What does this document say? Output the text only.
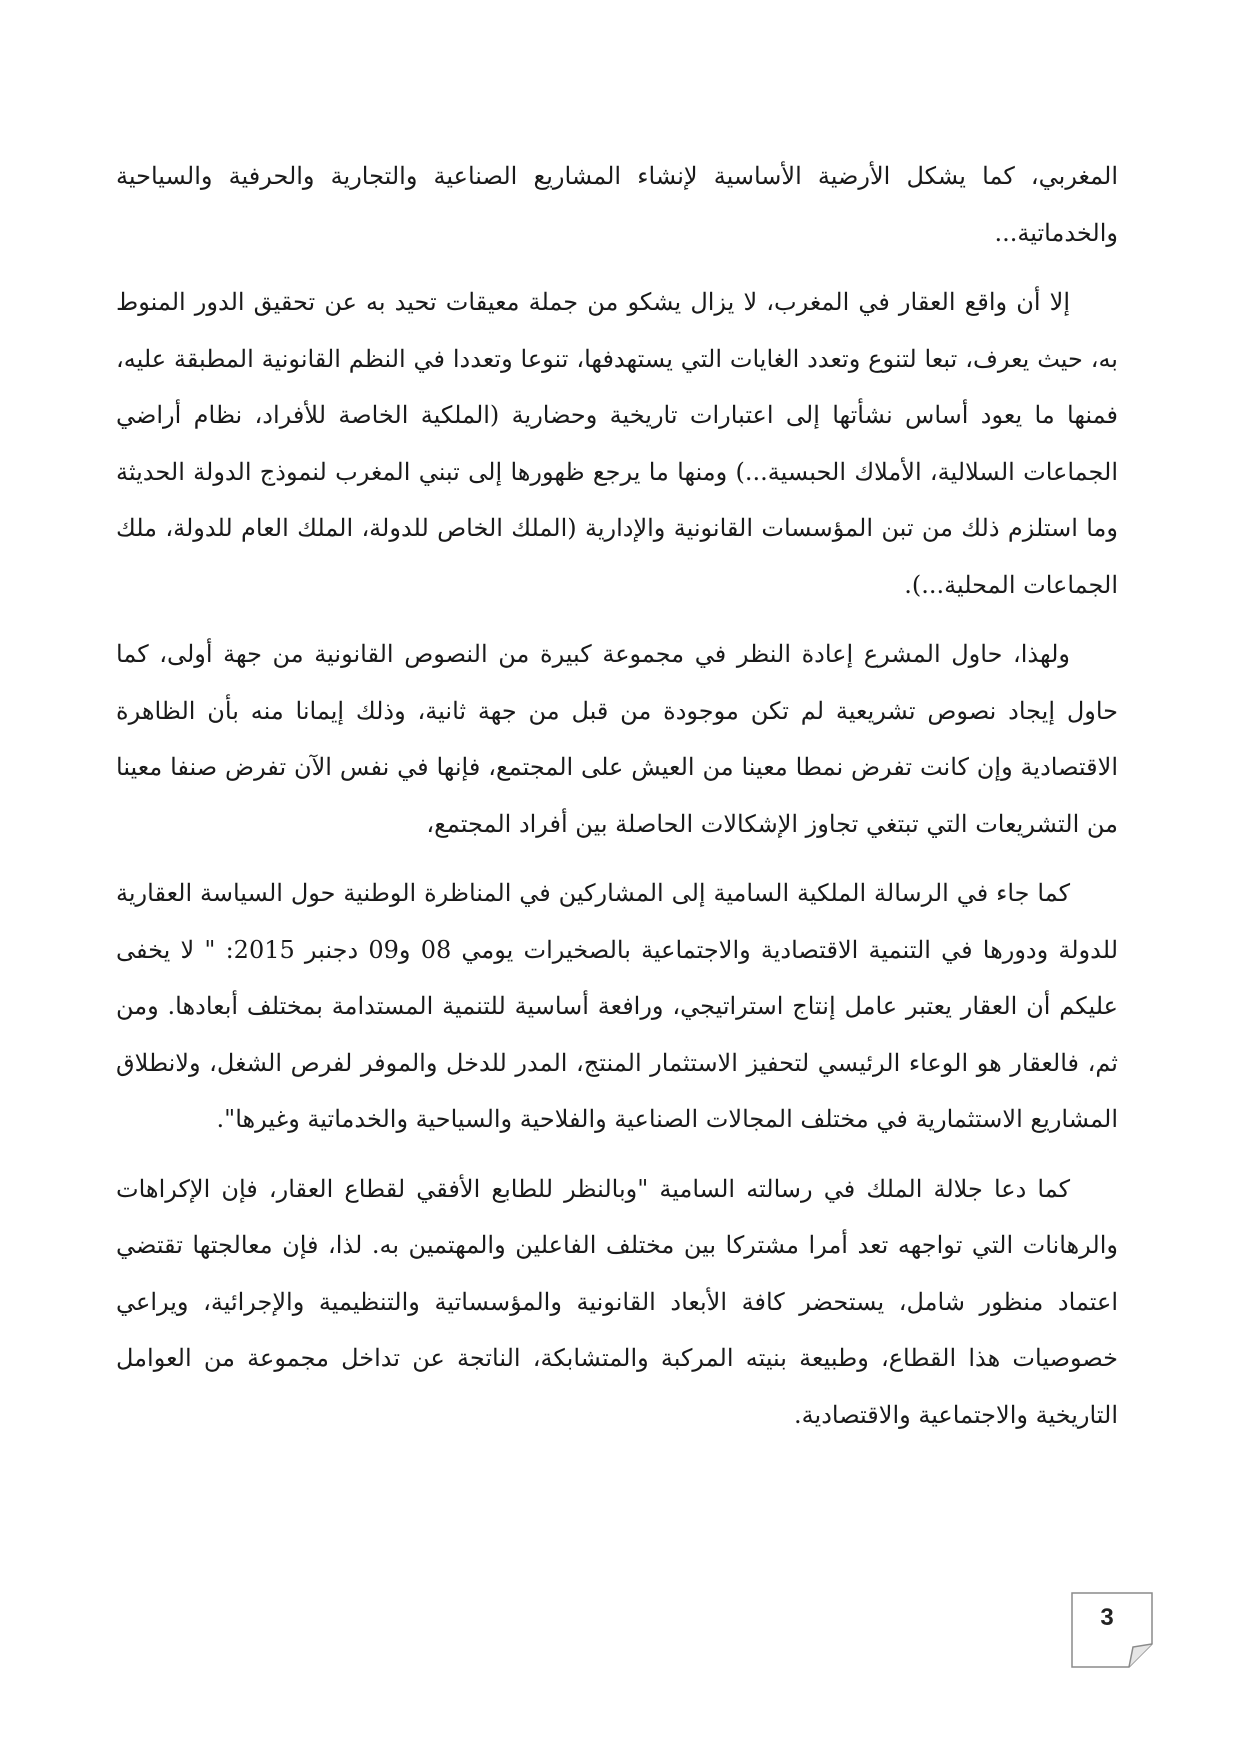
المغربي، كما يشكل الأرضية الأساسية لإنشاء المشاريع الصناعية والتجارية والحرفية والسياحية والخدماتية...

إلا أن واقع العقار في المغرب، لا يزال يشكو من جملة معيقات تحيد به عن تحقيق الدور المنوط به، حيث يعرف، تبعا لتنوع وتعدد الغايات التي يستهدفها، تنوعا وتعددا في النظم القانونية المطبقة عليه، فمنها ما يعود أساس نشأتها إلى اعتبارات تاريخية وحضارية (الملكية الخاصة للأفراد، نظام أراضي الجماعات السلالية، الأملاك الحبسية...) ومنها ما يرجع ظهورها إلى تبني المغرب لنموذج الدولة الحديثة وما استلزم ذلك من تبن المؤسسات القانونية والإدارية (الملك الخاص للدولة، الملك العام للدولة، ملك الجماعات المحلية...).

ولهذا، حاول المشرع إعادة النظر في مجموعة كبيرة من النصوص القانونية من جهة أولى، كما حاول إيجاد نصوص تشريعية لم تكن موجودة من قبل من جهة ثانية، وذلك إيمانا منه بأن الظاهرة الاقتصادية وإن كانت تفرض نمطا معينا من العيش على المجتمع، فإنها في نفس الآن تفرض صنفا معينا من التشريعات التي تبتغي تجاوز الإشكالات الحاصلة بين أفراد المجتمع،

كما جاء في الرسالة الملكية السامية إلى المشاركين في المناظرة الوطنية حول السياسة العقارية للدولة ودورها في التنمية الاقتصادية والاجتماعية بالصخيرات يومي 08 و09 دجنبر 2015: " لا يخفى عليكم أن العقار يعتبر عامل إنتاج استراتيجي، ورافعة أساسية للتنمية المستدامة بمختلف أبعادها. ومن ثم، فالعقار هو الوعاء الرئيسي لتحفيز الاستثمار المنتج، المدر للدخل والموفر لفرص الشغل، ولانطلاق المشاريع الاستثمارية في مختلف المجالات الصناعية والفلاحية والسياحية والخدماتية وغيرها".

كما دعا جلالة الملك في رسالته السامية "وبالنظر للطابع الأفقي لقطاع العقار، فإن الإكراهات والرهانات التي تواجهه تعد أمرا مشتركا بين مختلف الفاعلين والمهتمين به. لذا، فإن معالجتها تقتضي اعتماد منظور شامل، يستحضر كافة الأبعاد القانونية والمؤسساتية والتنظيمية والإجرائية، ويراعي خصوصيات هذا القطاع، وطبيعة بنيته المركبة والمتشابكة، الناتجة عن تداخل مجموعة من العوامل التاريخية والاجتماعية والاقتصادية.

3
